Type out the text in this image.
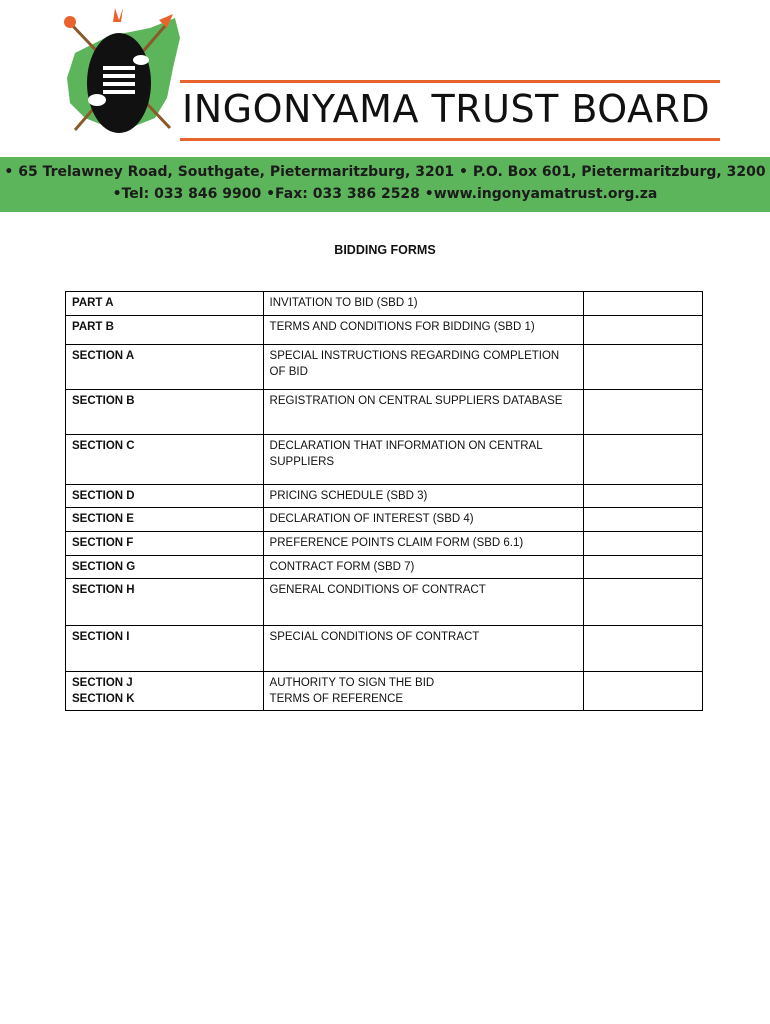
INGONYAMA TRUST BOARD
• 65 Trelawney Road, Southgate, Pietermaritzburg, 3201 • P.O. Box 601, Pietermaritzburg, 3200
•Tel: 033 846 9900 •Fax: 033 386 2528 •www.ingonyamatrust.org.za
BIDDING FORMS
PART A	INVITATION TO BID (SBD 1)	
PART B	TERMS AND CONDITIONS FOR BIDDING (SBD 1)	
SECTION A	SPECIAL INSTRUCTIONS REGARDING COMPLETION OF BID	
SECTION B	REGISTRATION ON CENTRAL SUPPLIERS DATABASE	
SECTION C	DECLARATION THAT INFORMATION ON CENTRAL SUPPLIERS	
SECTION D	PRICING SCHEDULE (SBD 3)	
SECTION E	DECLARATION OF INTEREST (SBD 4)	
SECTION F	PREFERENCE POINTS CLAIM FORM (SBD 6.1)	
SECTION G	CONTRACT FORM (SBD 7)	
SECTION H	GENERAL CONDITIONS OF CONTRACT	
SECTION I	SPECIAL CONDITIONS OF CONTRACT	
SECTION J	AUTHORITY TO SIGN THE BID	
SECTION K	TERMS OF REFERENCE	
